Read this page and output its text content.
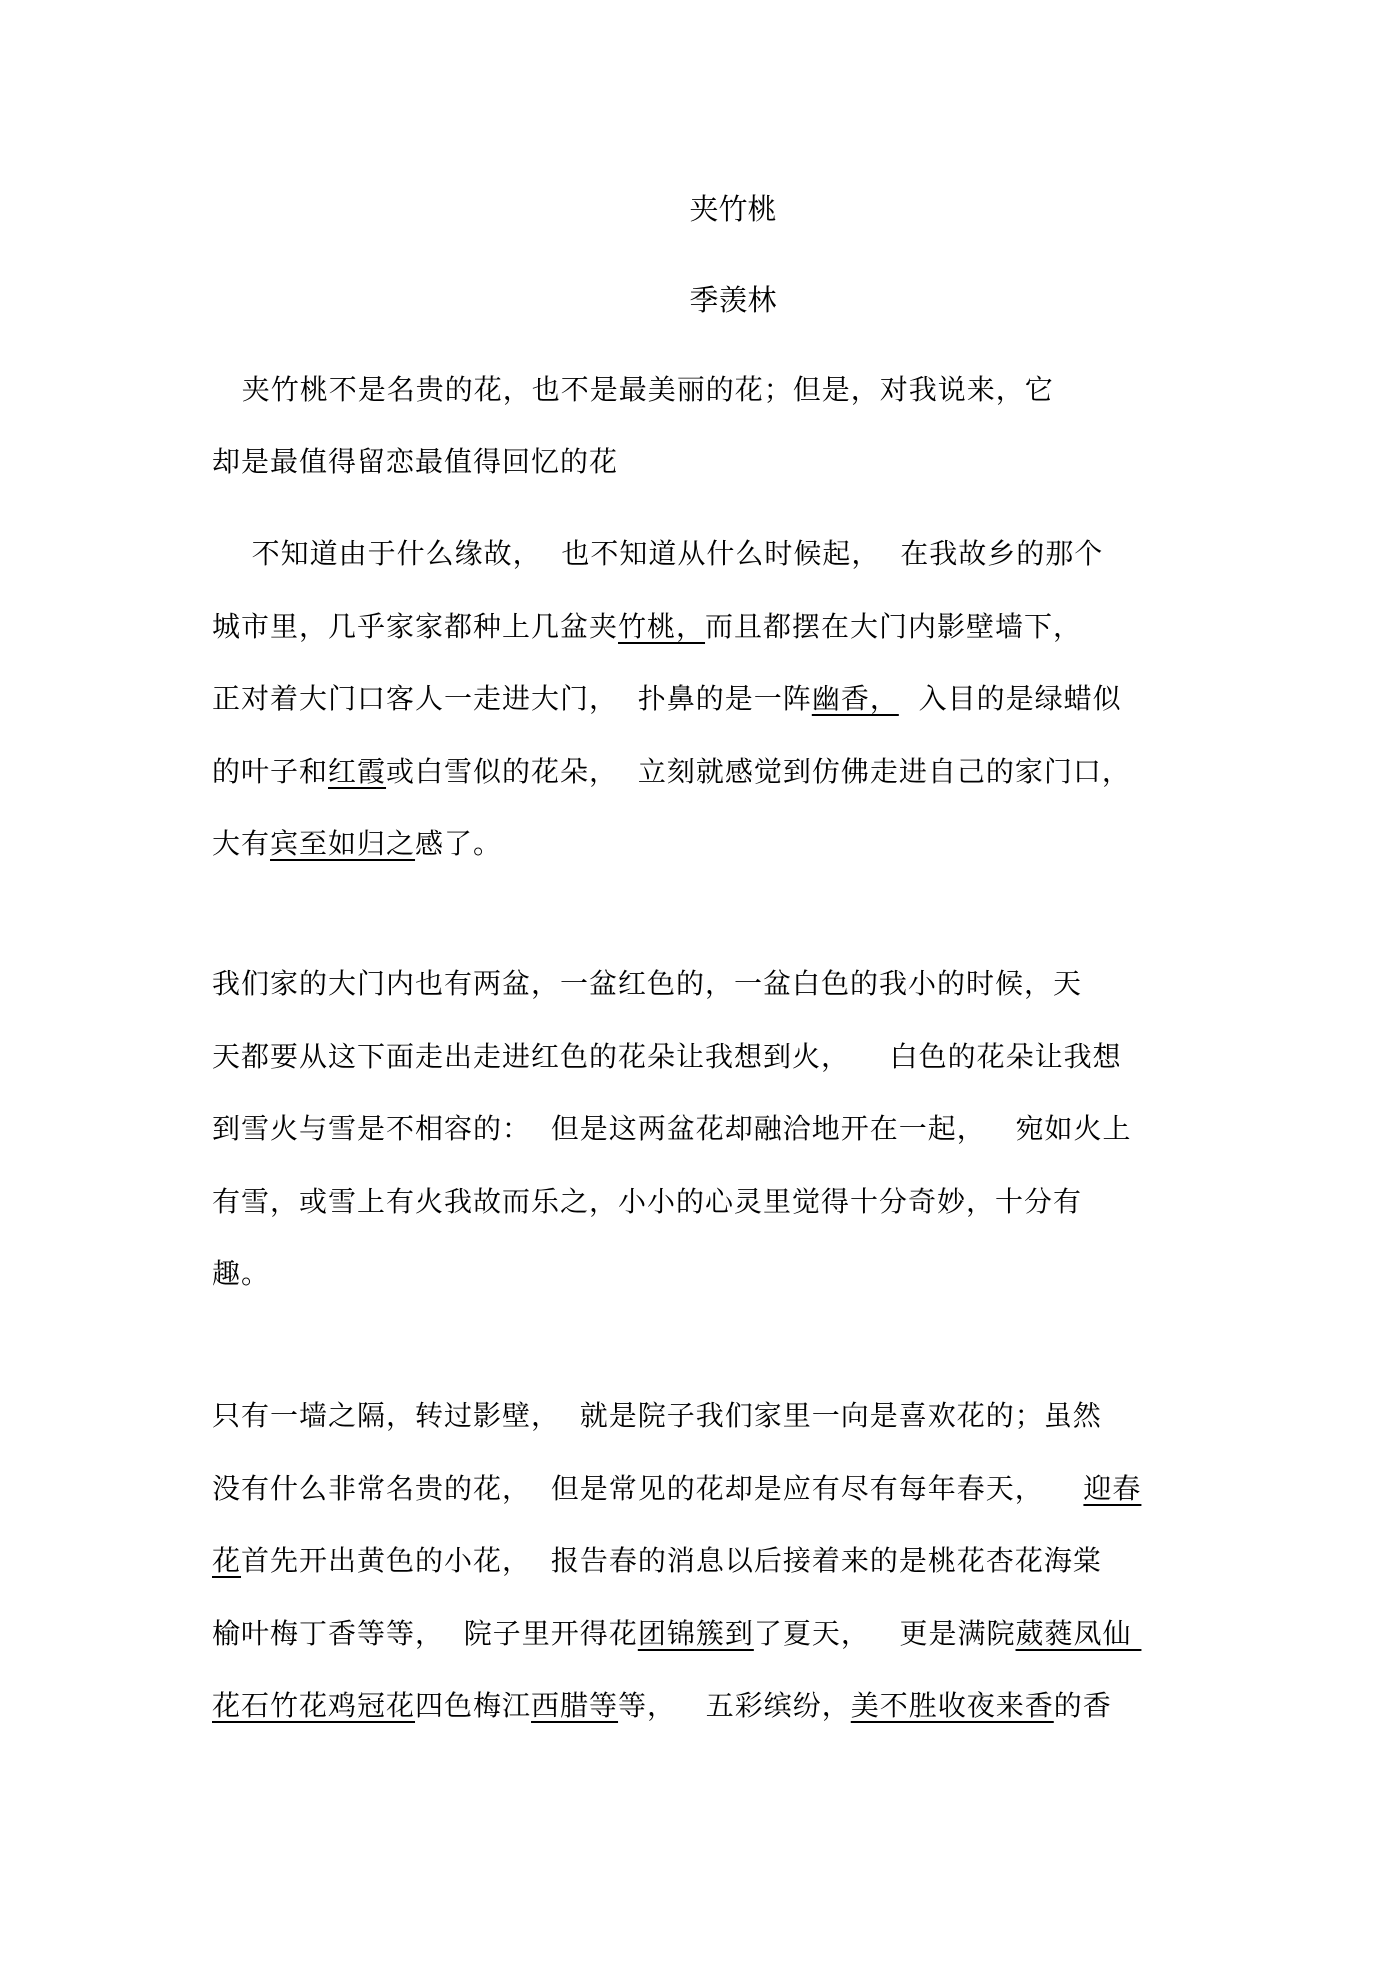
夹竹桃
季羡林
夹竹桃不是名贵的花，也不是最美丽的花；但是，对我说来，它
却是最值得留恋最值得回忆的花
不知道由于什么缘故，  也不知道从什么时候起，  在我故乡的那个
城市里，几乎家家都种上几盆夹竹桃，而且都摆在大门内影壁墙下，
正对着大门口客人一走进大门，  扑鼻的是一阵幽香，  入目的是绿蜡似
的叶子和红霞或白雪似的花朵，  立刻就感觉到仿佛走进自己的家门口，
大有宾至如归之感了。
我们家的大门内也有两盆，一盆红色的，一盆白色的我小的时候，天
天都要从这下面走出走进红色的花朵让我想到火，    白色的花朵让我想
到雪火与雪是不相容的：  但是这两盆花却融洽地开在一起，   宛如火上
有雪，或雪上有火我故而乐之，小小的心灵里觉得十分奇妙，十分有
趣。
只有一墙之隔，转过影壁，  就是院子我们家里一向是喜欢花的；虽然
没有什么非常名贵的花，  但是常见的花却是应有尽有每年春天，    迎春
花首先开出黄色的小花，  报告春的消息以后接着来的是桃花杏花海棠
榆叶梅丁香等等，  院子里开得花团锦簇到了夏天，   更是满院葳蕤凤仙
花石竹花鸡冠花四色梅江西腊等等，   五彩缤纷，美不胜收夜来香的香
